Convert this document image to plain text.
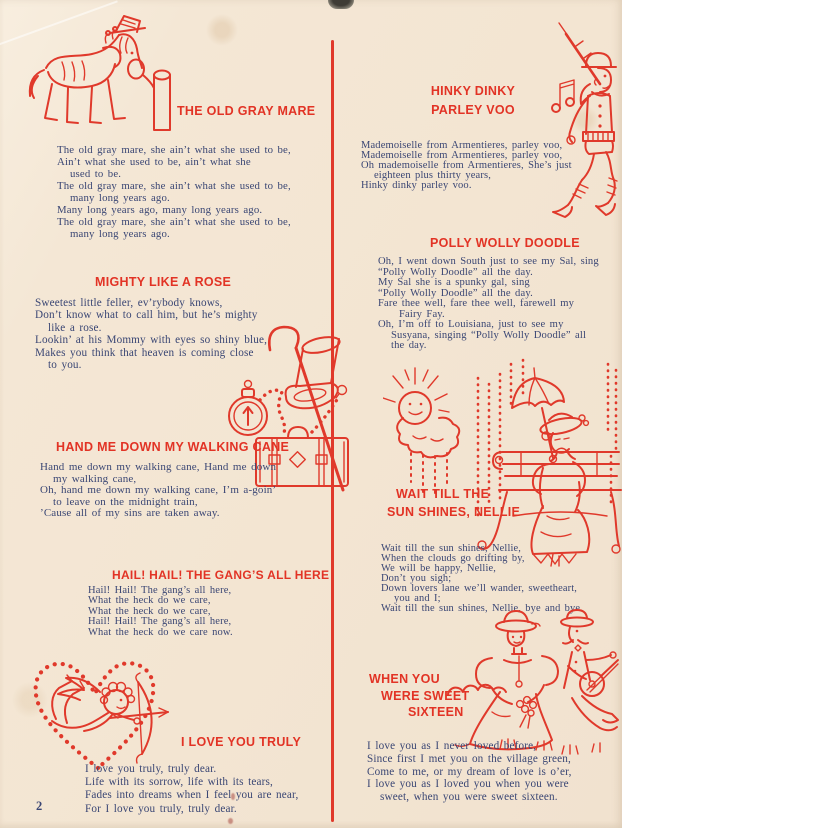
THE OLD GRAY MARE
The old gray mare, she ain’t what she used to be,
Ain’t what she used to be, ain’t what she
used to be.
The old gray mare, she ain’t what she used to be,
many long years ago.
Many long years ago, many long years ago.
The old gray mare, she ain’t what she used to be,
many long years ago.
MIGHTY LIKE A ROSE
Sweetest little feller, ev’rybody knows,
Don’t know what to call him, but he’s mighty
like a rose.
Lookin’ at his Mommy with eyes so shiny blue,
Makes you think that heaven is coming close
to you.
HAND ME DOWN MY WALKING CANE
Hand me down my walking cane, Hand me down
my walking cane,
Oh, hand me down my walking cane, I’m a-goin’
to leave on the midnight train,
’Cause all of my sins are taken away.
HAIL! HAIL! THE GANG’S ALL HERE
Hail! Hail! The gang’s all here,
What the heck do we care,
What the heck do we care,
Hail! Hail! The gang’s all here,
What the heck do we care now.
I LOVE YOU TRULY
I love you truly, truly dear.
Life with its sorrow, life with its tears,
Fades into dreams when I feel you are near,
For I love you truly, truly dear.
2
HINKY DINKY
PARLEY VOO
Mademoiselle from Armentieres, parley voo,
Mademoiselle from Armentieres, parley voo,
Oh mademoiselle from Armentieres, She’s just
eighteen plus thirty years,
Hinky dinky parley voo.
POLLY WOLLY DOODLE
Oh, I went down South just to see my Sal, sing
“Polly Wolly Doodle” all the day.
My Sal she is a spunky gal, sing
“Polly Wolly Doodle” all the day.
Fare thee well, fare thee well, farewell my
Fairy Fay.
Oh, I’m off to Louisiana, just to see my
Susyana, singing “Polly Wolly Doodle” all
the day.
WAIT TILL THE
SUN SHINES, NELLIE
Wait till the sun shines, Nellie,
When the clouds go drifting by,
We will be happy, Nellie,
Don’t you sigh;
Down lovers lane we’ll wander, sweetheart,
you and I;
Wait till the sun shines, Nellie, bye and bye.
WHEN YOU
WERE SWEET
SIXTEEN
I love you as I never loved before,
Since first I met you on the village green,
Come to me, or my dream of love is o’er,
I love you as I loved you when you were
sweet, when you were sweet sixteen.
